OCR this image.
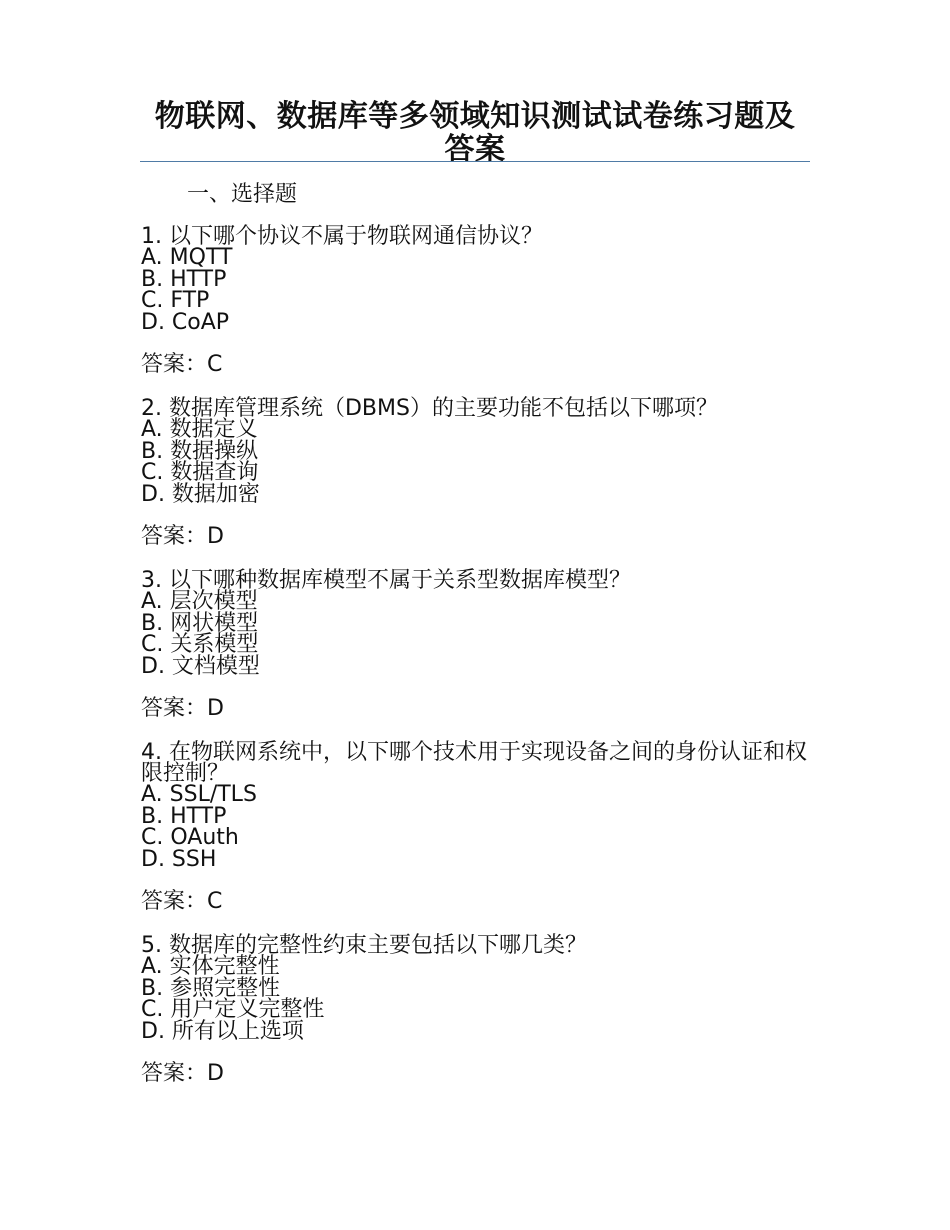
物联网、数据库等多领域知识测试试卷练习题及答案
一、选择题
1. 以下哪个协议不属于物联网通信协议？
A. MQTT
B. HTTP
C. FTP
D. CoAP
答案：C
2. 数据库管理系统（DBMS）的主要功能不包括以下哪项？
A. 数据定义
B. 数据操纵
C. 数据查询
D. 数据加密
答案：D
3. 以下哪种数据库模型不属于关系型数据库模型？
A. 层次模型
B. 网状模型
C. 关系模型
D. 文档模型
答案：D
4. 在物联网系统中，以下哪个技术用于实现设备之间的身份认证和权限控制？
A. SSL/TLS
B. HTTP
C. OAuth
D. SSH
答案：C
5. 数据库的完整性约束主要包括以下哪几类？
A. 实体完整性
B. 参照完整性
C. 用户定义完整性
D. 所有以上选项
答案：D
